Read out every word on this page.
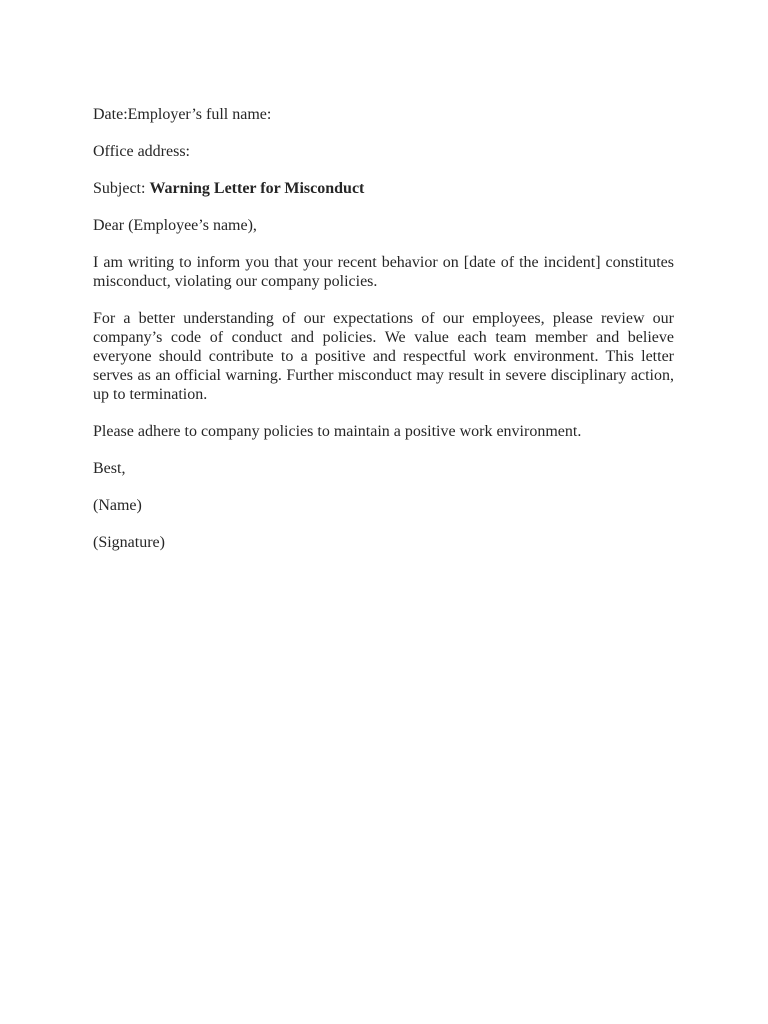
Date:Employer’s full name:

Office address:

Subject: Warning Letter for Misconduct

Dear (Employee’s name),

I am writing to inform you that your recent behavior on [date of the incident] constitutes misconduct, violating our company policies.

For a better understanding of our expectations of our employees, please review our company’s code of conduct and policies. We value each team member and believe everyone should contribute to a positive and respectful work environment. This letter serves as an official warning. Further misconduct may result in severe disciplinary action, up to termination.

Please adhere to company policies to maintain a positive work environment.

Best,

(Name)

(Signature)
